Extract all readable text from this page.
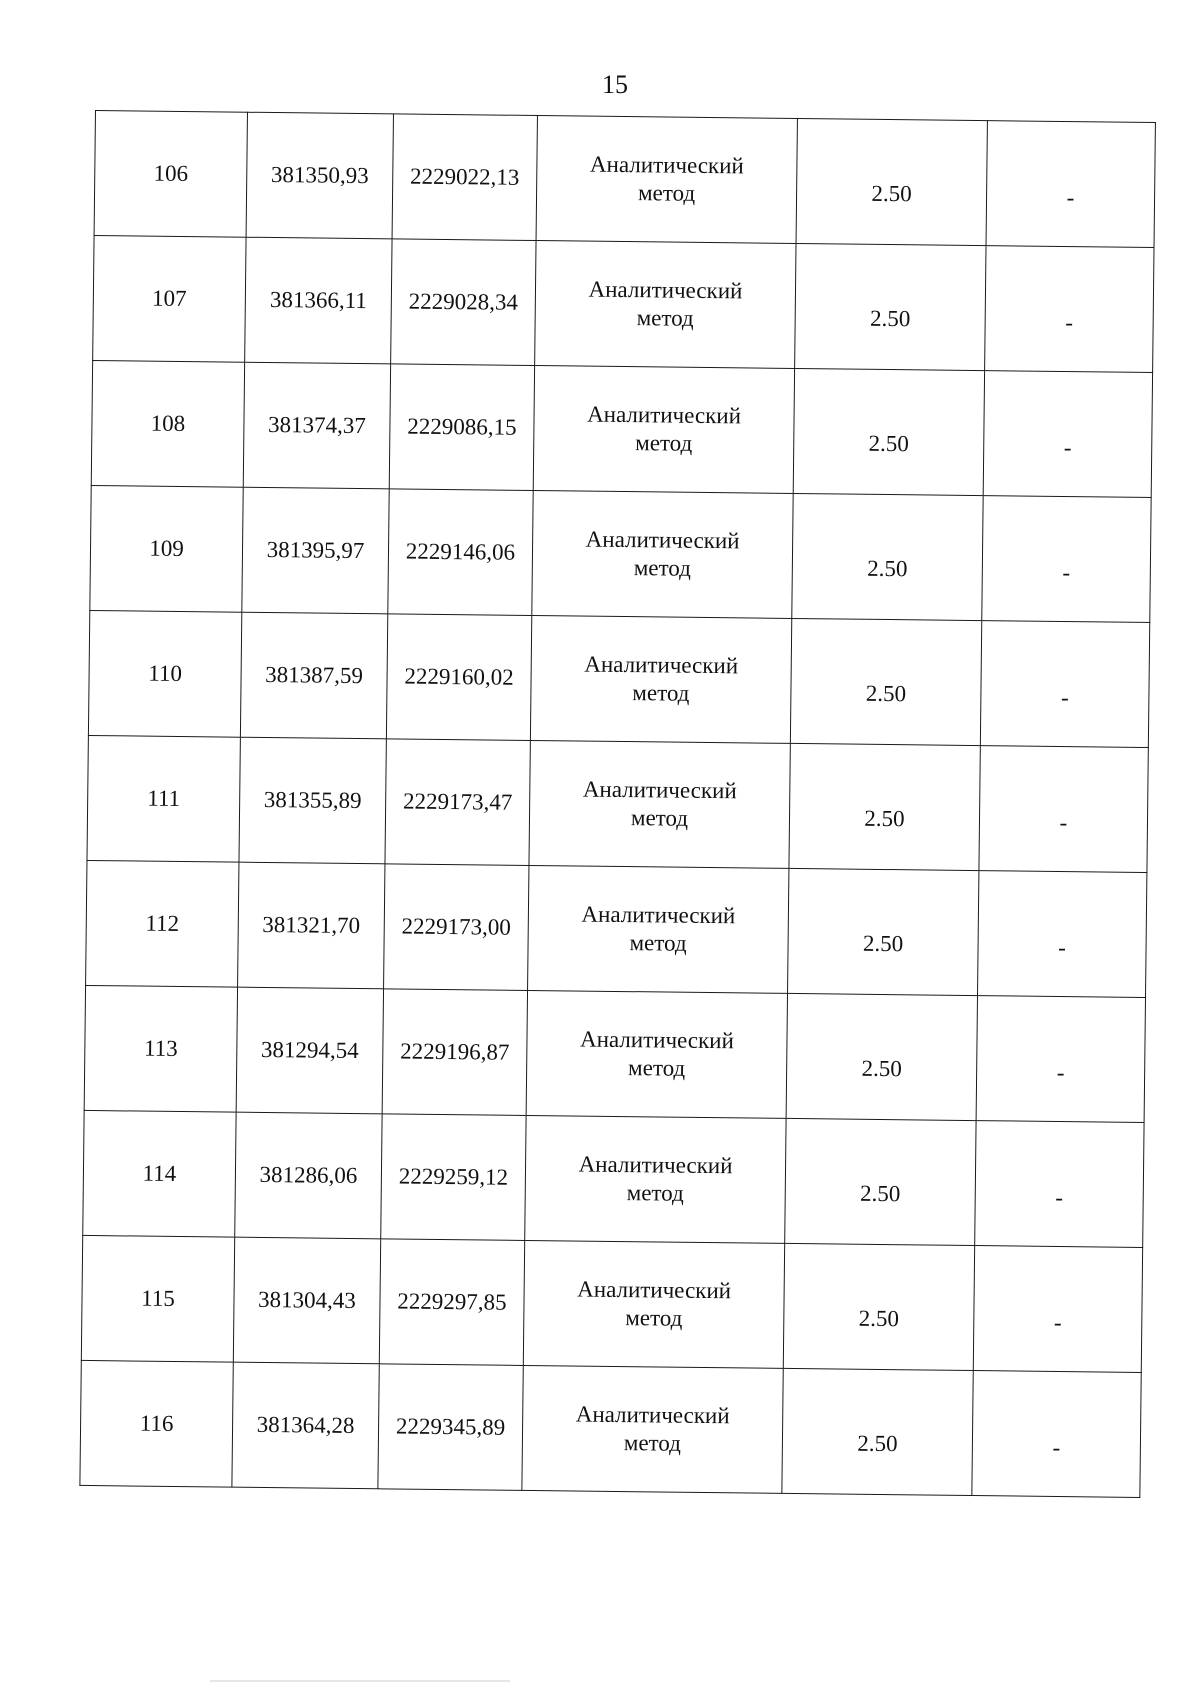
15
106	381350,93	2229022,13	Аналитический
метод	2.50	-
107	381366,11	2229028,34	Аналитический
метод	2.50	-
108	381374,37	2229086,15	Аналитический
метод	2.50	-
109	381395,97	2229146,06	Аналитический
метод	2.50	-
110	381387,59	2229160,02	Аналитический
метод	2.50	-
111	381355,89	2229173,47	Аналитический
метод	2.50	-
112	381321,70	2229173,00	Аналитический
метод	2.50	-
113	381294,54	2229196,87	Аналитический
метод	2.50	-
114	381286,06	2229259,12	Аналитический
метод	2.50	-
115	381304,43	2229297,85	Аналитический
метод	2.50	-
116	381364,28	2229345,89	Аналитический
метод	2.50	-
